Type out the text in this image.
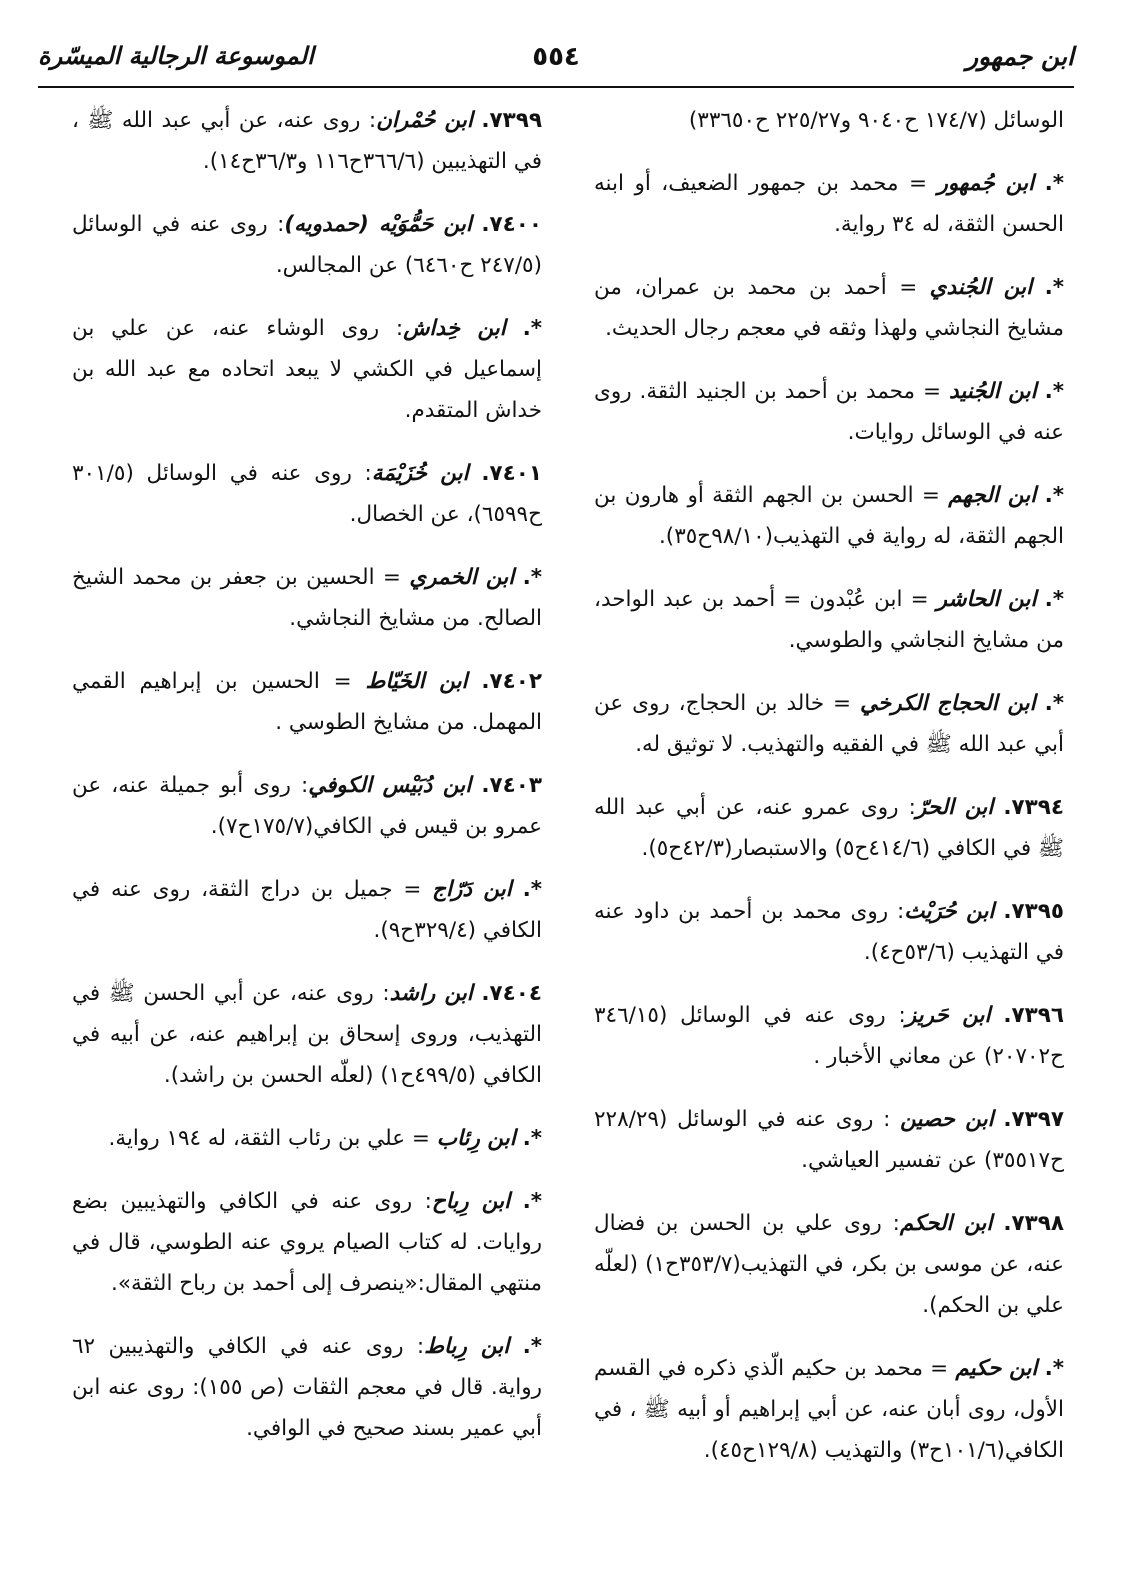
ابن جمهور
٥٥٤
الموسوعة الرجالية الميسّرة

الوسائل (١٧٤/٧ ح٩٠٤٠ و٢٢٥/٢٧ ح٣٣٦٥٠)

*. ابن جُمهور = محمد بن جمهور الضعيف، أو ابنه الحسن الثقة، له ٣٤ رواية.

*. ابن الجُندي = أحمد بن محمد بن عمران، من مشايخ النجاشي ولهذا وثقه في معجم رجال الحديث.

*. ابن الجُنيد = محمد بن أحمد بن الجنيد الثقة. روى عنه في الوسائل روايات.

*. ابن الجهم = الحسن بن الجهم الثقة أو هارون بن الجهم الثقة، له رواية في التهذيب(٩٨/١٠ح٣٥).

*. ابن الحاشر = ابن عُبْدون = أحمد بن عبد الواحد، من مشايخ النجاشي والطوسي.

*. ابن الحجاج الكرخي = خالد بن الحجاج، روى عن أبي عبد الله ﷺ في الفقيه والتهذيب. لا توثيق له.

٧٣٩٤. ابن الحرّ: روى عمرو عنه، عن أبي عبد الله ﷺ في الكافي (٤١٤/٦ح٥) والاستبصار(٤٢/٣ح٥).

٧٣٩٥. ابن حُرَيْث: روى محمد بن أحمد بن داود عنه في التهذيب (٥٣/٦ح٤).

٧٣٩٦. ابن حَريز: روى عنه في الوسائل (٣٤٦/١٥ ح٢٠٧٠٢) عن معاني الأخبار .

٧٣٩٧. ابن حصين : روى عنه في الوسائل (٢٢٨/٢٩ ح٣٥٥١٧) عن تفسير العياشي.

٧٣٩٨. ابن الحكم: روى علي بن الحسن بن فضال عنه، عن موسى بن بكر، في التهذيب(٣٥٣/٧ح١) (لعلّه علي بن الحكم).

*. ابن حكيم = محمد بن حكيم الّذي ذكره في القسم الأول، روى أبان عنه، عن أبي إبراهيم أو أبيه ﷺ ، في الكافي(١٠١/٦ح٣) والتهذيب (١٢٩/٨ح٤٥).

٧٣٩٩. ابن حُمْران: روى عنه، عن أبي عبد الله ﷺ ، في التهذيبين (٣٦٦/٦ح١١٦ و٣٦/٣ح١٤).

٧٤٠٠. ابن حَمُّوَيْه (حمدويه): روى عنه في الوسائل (٢٤٧/٥ ح٦٤٦٠) عن المجالس.

*. ابن خِداش: روى الوشاء عنه، عن علي بن إسماعيل في الكشي لا يبعد اتحاده مع عبد الله بن خداش المتقدم.

٧٤٠١. ابن خُزَيْمَة: روى عنه في الوسائل (٣٠١/٥ ح٦٥٩٩)، عن الخصال.

*. ابن الخمري = الحسين بن جعفر بن محمد الشيخ الصالح. من مشايخ النجاشي.

٧٤٠٢. ابن الخَيّاط = الحسين بن إبراهيم القمي المهمل. من مشايخ الطوسي .

٧٤٠٣. ابن دُبَيْس الكوفي: روى أبو جميلة عنه، عن عمرو بن قيس في الكافي(١٧٥/٧ح٧).

*. ابن دَرّاج = جميل بن دراج الثقة، روى عنه في الكافي (٣٢٩/٤ح٩).

٧٤٠٤. ابن راشد: روى عنه، عن أبي الحسن ﷺ في التهذيب، وروى إسحاق بن إبراهيم عنه، عن أبيه في الكافي (٤٩٩/٥ح١) (لعلّه الحسن بن راشد).

*. ابن رِئاب = علي بن رئاب الثقة، له ١٩٤ رواية.

*. ابن رِباح: روى عنه في الكافي والتهذيبين بضع روايات. له كتاب الصيام يروي عنه الطوسي، قال في منتهي المقال:«ينصرف إلى أحمد بن رباح الثقة».

*. ابن رِباط: روى عنه في الكافي والتهذيبين ٦٢ رواية. قال في معجم الثقات (ص ١٥٥): روى عنه ابن أبي عمير بسند صحيح في الوافي.
